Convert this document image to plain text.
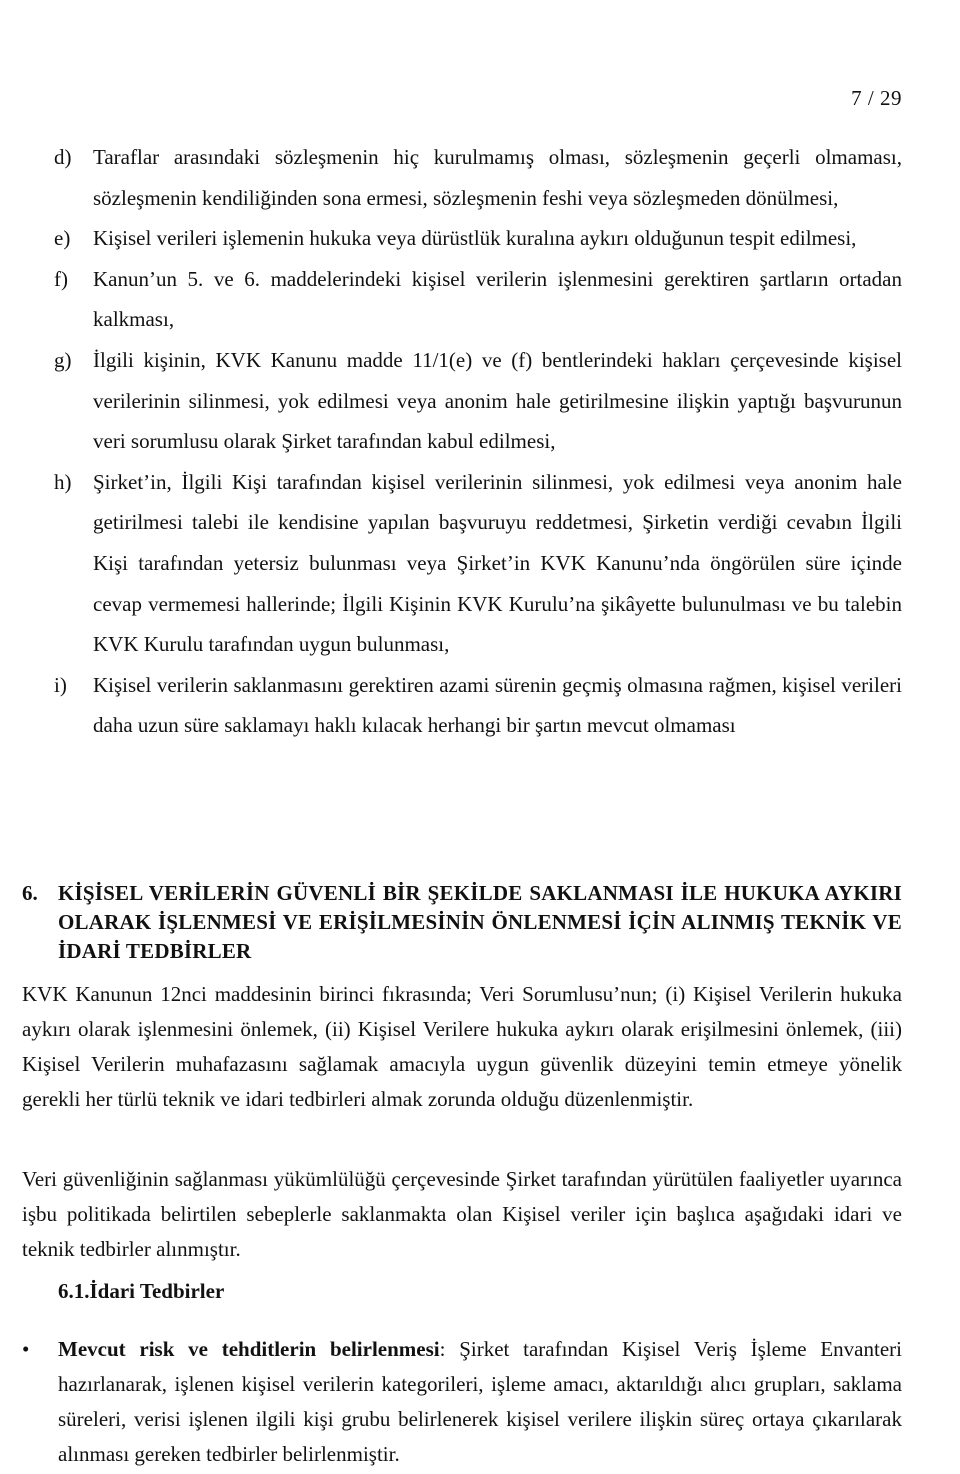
7 / 29
d) Taraflar arasındaki sözleşmenin hiç kurulmamış olması, sözleşmenin geçerli olmaması, sözleşmenin kendiliğinden sona ermesi, sözleşmenin feshi veya sözleşmeden dönülmesi,
e) Kişisel verileri işlemenin hukuka veya dürüstlük kuralına aykırı olduğunun tespit edilmesi,
f) Kanun’un 5. ve 6. maddelerindeki kişisel verilerin işlenmesini gerektiren şartların ortadan kalkması,
g) İlgili kişinin, KVK Kanunu madde 11/1(e) ve (f) bentlerindeki hakları çerçevesinde kişisel verilerinin silinmesi, yok edilmesi veya anonim hale getirilmesine ilişkin yaptığı başvurunun veri sorumlusu olarak Şirket tarafından kabul edilmesi,
h) Şirket’in, İlgili Kişi tarafından kişisel verilerinin silinmesi, yok edilmesi veya anonim hale getirilmesi talebi ile kendisine yapılan başvuruyu reddetmesi, Şirketin verdiği cevabın İlgili Kişi tarafından yetersiz bulunması veya Şirket’in KVK Kanunu’nda öngörülen süre içinde cevap vermemesi hallerinde; İlgili Kişinin KVK Kurulu’na şikâyette bulunulması ve bu talebin KVK Kurulu tarafından uygun bulunması,
i) Kişisel verilerin saklanmasını gerektiren azami sürenin geçmiş olmasına rağmen, kişisel verileri daha uzun süre saklamayı haklı kılacak herhangi bir şartın mevcut olmaması
6. KİŞİSEL VERİLERİN GÜVENLİ BİR ŞEKİLDE SAKLANMASI İLE HUKUKA AYKIRI OLARAK İŞLENMESİ VE ERİŞİLMESİNİN ÖNLENMESİ İÇİN ALINMIŞ TEKNİK VE İDARİ TEDBİRLER

KVK Kanunun 12nci maddesinin birinci fıkrasında; Veri Sorumlusu’nun; (i) Kişisel Verilerin hukuka aykırı olarak işlenmesini önlemek, (ii) Kişisel Verilere hukuka aykırı olarak erişilmesini önlemek, (iii) Kişisel Verilerin muhafazasını sağlamak amacıyla uygun güvenlik düzeyini temin etmeye yönelik gerekli her türlü teknik ve idari tedbirleri almak zorunda olduğu düzenlenmiştir.

Veri güvenliğinin sağlanması yükümlülüğü çerçevesinde Şirket tarafından yürütülen faaliyetler uyarınca işbu politikada belirtilen sebeplerle saklanmakta olan Kişisel veriler için başlıca aşağıdaki idari ve teknik tedbirler alınmıştır.

6.1.İdari Tedbirler
•	Mevcut risk ve tehditlerin belirlenmesi: Şirket tarafından Kişisel Veriş İşleme Envanteri hazırlanarak, işlenen kişisel verilerin kategorileri, işleme amacı, aktarıldığı alıcı grupları, saklama süreleri, verisi işlenen ilgili kişi grubu belirlenerek kişisel verilere ilişkin süreç ortaya çıkarılarak alınması gereken tedbirler belirlenmiştir.
